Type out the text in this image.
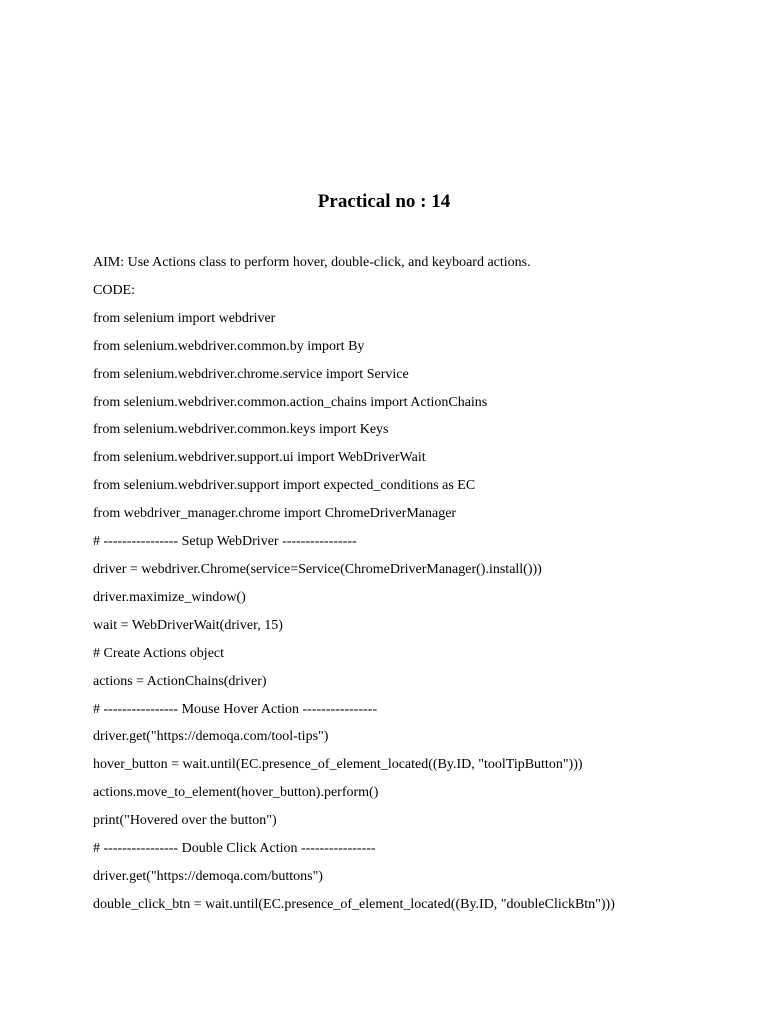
Practical no : 14

AIM: Use Actions class to perform hover, double-click, and keyboard actions.

CODE:

from selenium import webdriver

from selenium.webdriver.common.by import By

from selenium.webdriver.chrome.service import Service

from selenium.webdriver.common.action_chains import ActionChains

from selenium.webdriver.common.keys import Keys

from selenium.webdriver.support.ui import WebDriverWait

from selenium.webdriver.support import expected_conditions as EC

from webdriver_manager.chrome import ChromeDriverManager

# ---------------- Setup WebDriver ----------------

driver = webdriver.Chrome(service=Service(ChromeDriverManager().install()))

driver.maximize_window()

wait = WebDriverWait(driver, 15)

# Create Actions object

actions = ActionChains(driver)

# ---------------- Mouse Hover Action ----------------

driver.get("https://demoqa.com/tool-tips")

hover_button = wait.until(EC.presence_of_element_located((By.ID, "toolTipButton")))

actions.move_to_element(hover_button).perform()

print("Hovered over the button")

# ---------------- Double Click Action ----------------

driver.get("https://demoqa.com/buttons")

double_click_btn = wait.until(EC.presence_of_element_located((By.ID, "doubleClickBtn")))
